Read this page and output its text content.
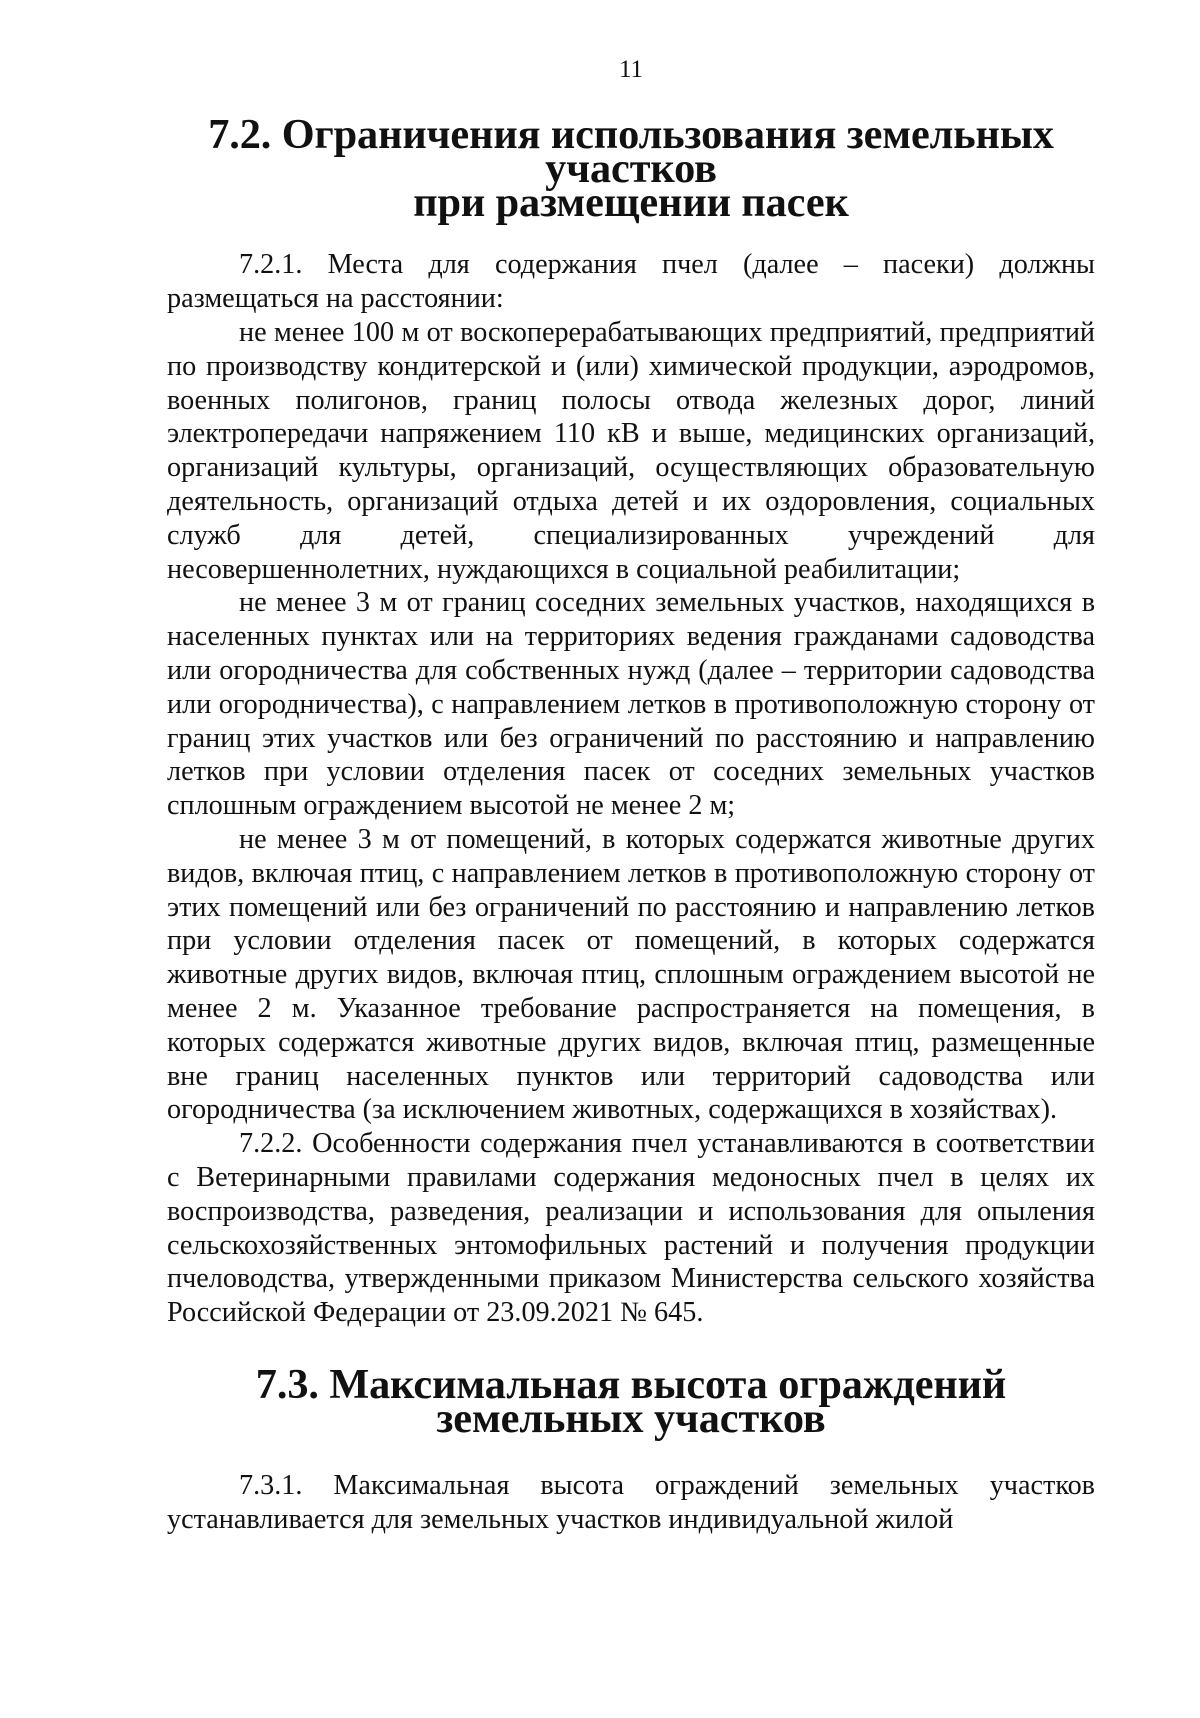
11
7.2. Ограничения использования земельных участков
при размещении пасек

7.2.1. Места для содержания пчел (далее – пасеки) должны размещаться на расстоянии:

не менее 100 м от воскоперерабатывающих предприятий, предприятий по производству кондитерской и (или) химической продукции, аэродромов, военных полигонов, границ полосы отвода железных дорог, линий электропередачи напряжением 110 кВ и выше, медицинских организаций, организаций культуры, организаций, осуществляющих образовательную деятельность, организаций отдыха детей и их оздоровления, социальных служб для детей, специализированных учреждений для несовершеннолетних, нуждающихся в социальной реабилитации;

не менее 3 м от границ соседних земельных участков, находящихся в населенных пунктах или на территориях ведения гражданами садоводства или огородничества для собственных нужд (далее – территории садоводства или огородничества), с направлением летков в противоположную сторону от границ этих участков или без ограничений по расстоянию и направлению летков при условии отделения пасек от соседних земельных участков сплошным ограждением высотой не менее 2 м;

не менее 3 м от помещений, в которых содержатся животные других видов, включая птиц, с направлением летков в противоположную сторону от этих помещений или без ограничений по расстоянию и направлению летков при условии отделения пасек от помещений, в которых содержатся животные других видов, включая птиц, сплошным ограждением высотой не менее 2 м. Указанное требование распространяется на помещения, в которых содержатся животные других видов, включая птиц, размещенные вне границ населенных пунктов или территорий садоводства или огородничества (за исключением животных, содержащихся в хозяйствах).

7.2.2. Особенности содержания пчел устанавливаются в соответствии с Ветеринарными правилами содержания медоносных пчел в целях их воспроизводства, разведения, реализации и использования для опыления сельскохозяйственных энтомофильных растений и получения продукции пчеловодства, утвержденными приказом Министерства сельского хозяйства Российской Федерации от 23.09.2021 № 645.

7.3. Максимальная высота ограждений земельных участков

7.3.1. Максимальная высота ограждений земельных участков устанавливается для земельных участков индивидуальной жилой
